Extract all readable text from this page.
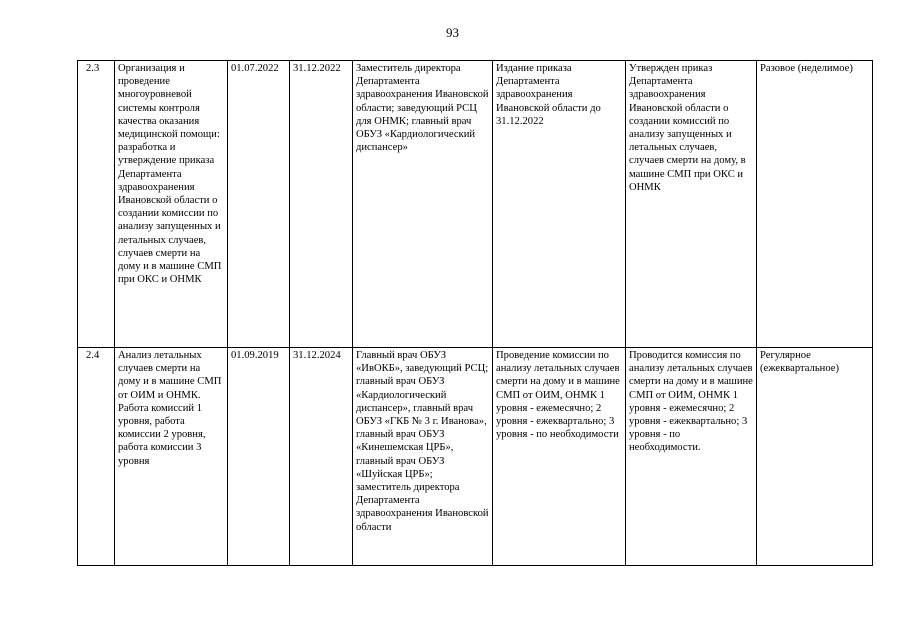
93
2.3	Организация и проведение многоуровневой системы контроля качества оказания медицинской помощи: разработка и утверждение приказа Департамента здравоохранения Ивановской области о создании комиссии по анализу запущенных и летальных случаев, случаев смерти на дому и в машине СМП при ОКС и ОНМК	01.07.2022	31.12.2022	Заместитель директора Департамента здравоохранения Ивановской области; заведующий РСЦ для ОНМК; главный врач ОБУЗ «Кардиологический диспансер»	Издание приказа Департамента здравоохранения Ивановской области до 31.12.2022	Утвержден приказ Департамента здравоохранения Ивановской области о создании комиссий по анализу запущенных и летальных случаев, случаев смерти на дому, в машине СМП при ОКС и ОНМК	Разовое (неделимое)
2.4	Анализ летальных случаев смерти на дому и в машине СМП от ОИМ и ОНМК. Работа комиссий 1 уровня, работа комиссии 2 уровня, работа комиссии 3 уровня	01.09.2019	31.12.2024	Главный врач ОБУЗ «ИвОКБ», заведующий РСЦ; главный врач ОБУЗ «Кардиологический диспансер», главный врач ОБУЗ «ГКБ № 3 г. Иванова», главный врач ОБУЗ «Кинешемская ЦРБ», главный врач ОБУЗ «Шуйская ЦРБ»; заместитель директора Департамента здравоохранения Ивановской области	Проведение комиссии по анализу летальных случаев смерти на дому и в машине СМП от ОИМ, ОНМК 1 уровня - ежемесячно; 2 уровня - ежеквартально; 3 уровня - по необходимости	Проводится комиссия по анализу летальных случаев смерти на дому и в машине СМП от ОИМ, ОНМК 1 уровня - ежемесячно; 2 уровня - ежеквартально; 3 уровня - по необходимости.	Регулярное (ежеквартальное)
